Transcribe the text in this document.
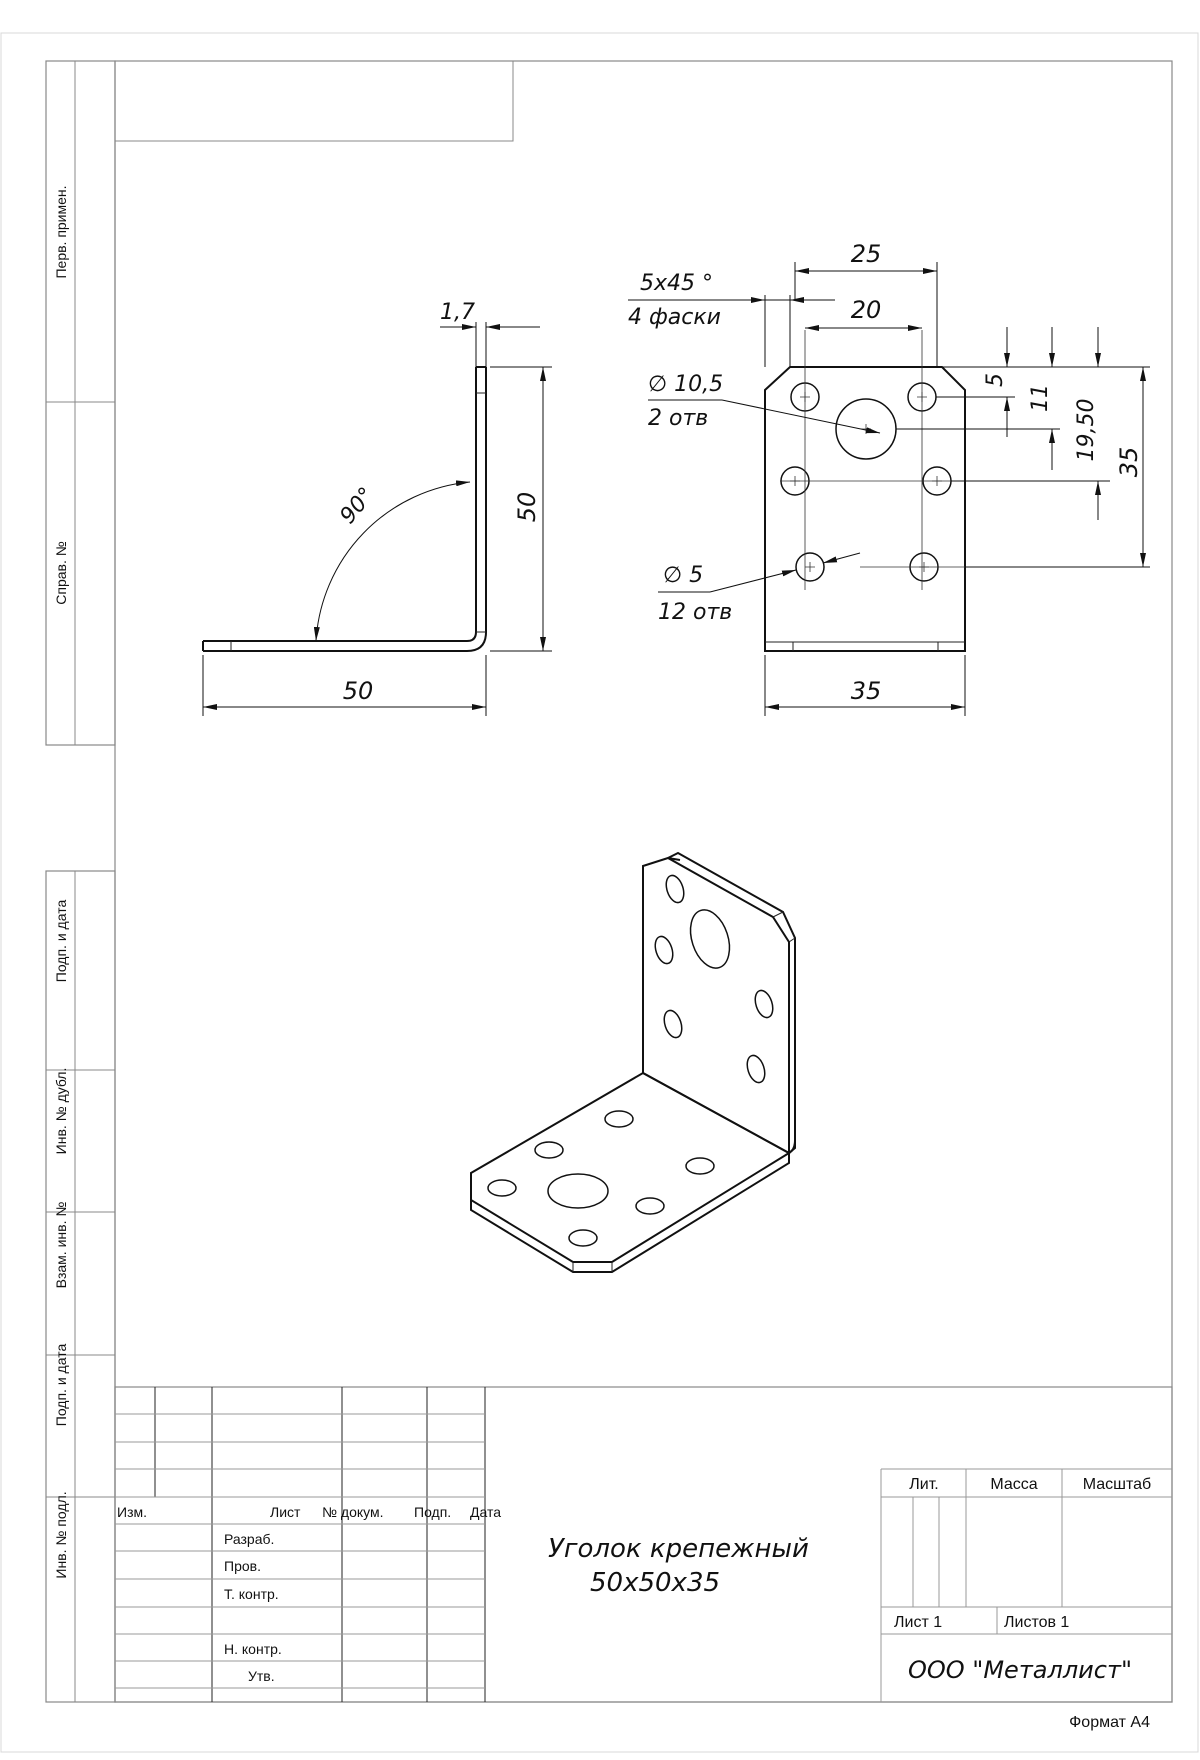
Перв. примен.
Справ. №
Подп. и дата
Инв. № дубл.
Взам. инв. №
Подп. и дата
Инв. № подл.
1,7
50
50
90°
5x45 °
4 фаски
25
20
5
11
19,50
35
∅ 10,5
2 отв
∅ 5
12 отв
35
Изм.	Лист № докум. Подп. Дата
Разраб.
Пров.
Т. контр.
Н. контр.
Утв.
Уголок крепежный
50x50x35
Лит.	Масса	Масштаб
Лист 1	Листов 1
ООО "Металлист"
Формат А4
